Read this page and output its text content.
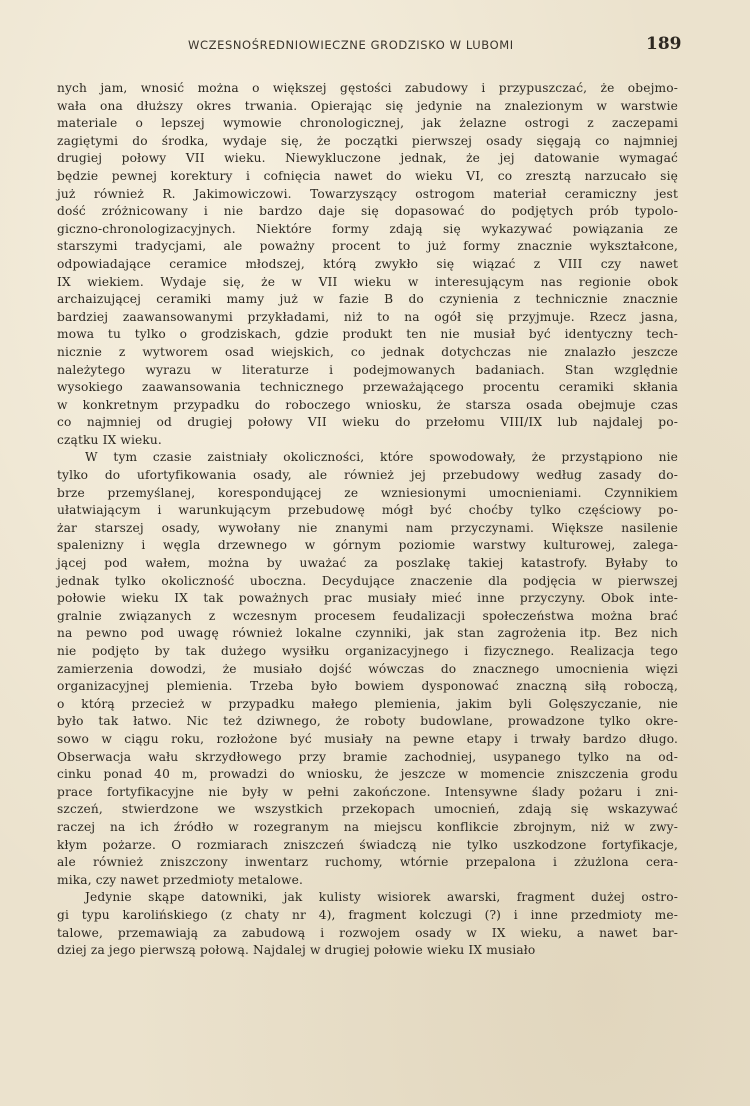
WCZESNOŚREDNIOWIECZNE GRODZISKO W LUBOMI	189

nych jam, wnosić można o większej gęstości zabudowy i przypuszczać, że obejmo-
wała ona dłuższy okres trwania. Opierając się jedynie na znalezionym w warstwie
materiale o lepszej wymowie chronologicznej, jak żelazne ostrogi z zaczepami
zagiętymi do środka, wydaje się, że początki pierwszej osady sięgają co najmniej
drugiej połowy VII wieku. Niewykluczone jednak, że jej datowanie wymagać
będzie pewnej korektury i cofnięcia nawet do wieku VI, co zresztą narzucało się
już również R. Jakimowiczowi. Towarzyszący ostrogom materiał ceramiczny jest
dość zróżnicowany i nie bardzo daje się dopasować do podjętych prób typolo-
giczno-chronologizacyjnych. Niektóre formy zdają się wykazywać powiązania ze
starszymi tradycjami, ale poważny procent to już formy znacznie wykształcone,
odpowiadające ceramice młodszej, którą zwykło się wiązać z VIII czy nawet
IX wiekiem. Wydaje się, że w VII wieku w interesującym nas regionie obok
archaizującej ceramiki mamy już w fazie B do czynienia z technicznie znacznie
bardziej zaawansowanymi przykładami, niż to na ogół się przyjmuje. Rzecz jasna,
mowa tu tylko o grodziskach, gdzie produkt ten nie musiał być identyczny tech-
nicznie z wytworem osad wiejskich, co jednak dotychczas nie znalazło jeszcze
należytego wyrazu w literaturze i podejmowanych badaniach. Stan względnie
wysokiego zaawansowania technicznego przeważającego procentu ceramiki skłania
w konkretnym przypadku do roboczego wniosku, że starsza osada obejmuje czas
co najmniej od drugiej połowy VII wieku do przełomu VIII/IX lub najdalej po-
czątku IX wieku.

W tym czasie zaistniały okoliczności, które spowodowały, że przystąpiono nie
tylko do ufortyfikowania osady, ale również jej przebudowy według zasady do-
brze przemyślanej, korespondującej ze wzniesionymi umocnieniami. Czynnikiem
ułatwiającym i warunkującym przebudowę mógł być choćby tylko częściowy po-
żar starszej osady, wywołany nie znanymi nam przyczynami. Większe nasilenie
spalenizny i węgla drzewnego w górnym poziomie warstwy kulturowej, zalega-
jącej pod wałem, można by uważać za poszlakę takiej katastrofy. Byłaby to
jednak tylko okoliczność uboczna. Decydujące znaczenie dla podjęcia w pierwszej
połowie wieku IX tak poważnych prac musiały mieć inne przyczyny. Obok inte-
gralnie związanych z wczesnym procesem feudalizacji społeczeństwa można brać
na pewno pod uwagę również lokalne czynniki, jak stan zagrożenia itp. Bez nich
nie podjęto by tak dużego wysiłku organizacyjnego i fizycznego. Realizacja tego
zamierzenia dowodzi, że musiało dojść wówczas do znacznego umocnienia więzi
organizacyjnej plemienia. Trzeba było bowiem dysponować znaczną siłą roboczą,
o którą przecież w przypadku małego plemienia, jakim byli Golęszyczanie, nie
było tak łatwo. Nic też dziwnego, że roboty budowlane, prowadzone tylko okre-
sowo w ciągu roku, rozłożone być musiały na pewne etapy i trwały bardzo długo.
Obserwacja wału skrzydłowego przy bramie zachodniej, usypanego tylko na od-
cinku ponad 40 m, prowadzi do wniosku, że jeszcze w momencie zniszczenia grodu
prace fortyfikacyjne nie były w pełni zakończone. Intensywne ślady pożaru i zni-
szczeń, stwierdzone we wszystkich przekopach umocnień, zdają się wskazywać
raczej na ich źródło w rozegranym na miejscu konflikcie zbrojnym, niż w zwy-
kłym pożarze. O rozmiarach zniszczeń świadczą nie tylko uszkodzone fortyfikacje,
ale również zniszczony inwentarz ruchomy, wtórnie przepalona i zżużlona cera-
mika, czy nawet przedmioty metalowe.

Jedynie skąpe datowniki, jak kulisty wisiorek awarski, fragment dużej ostro-
gi typu karolińskiego (z chaty nr 4), fragment kolczugi (?) i inne przedmioty me-
talowe, przemawiają za zabudową i rozwojem osady w IX wieku, a nawet bar-
dziej za jego pierwszą połową. Najdalej w drugiej połowie wieku IX musiało
